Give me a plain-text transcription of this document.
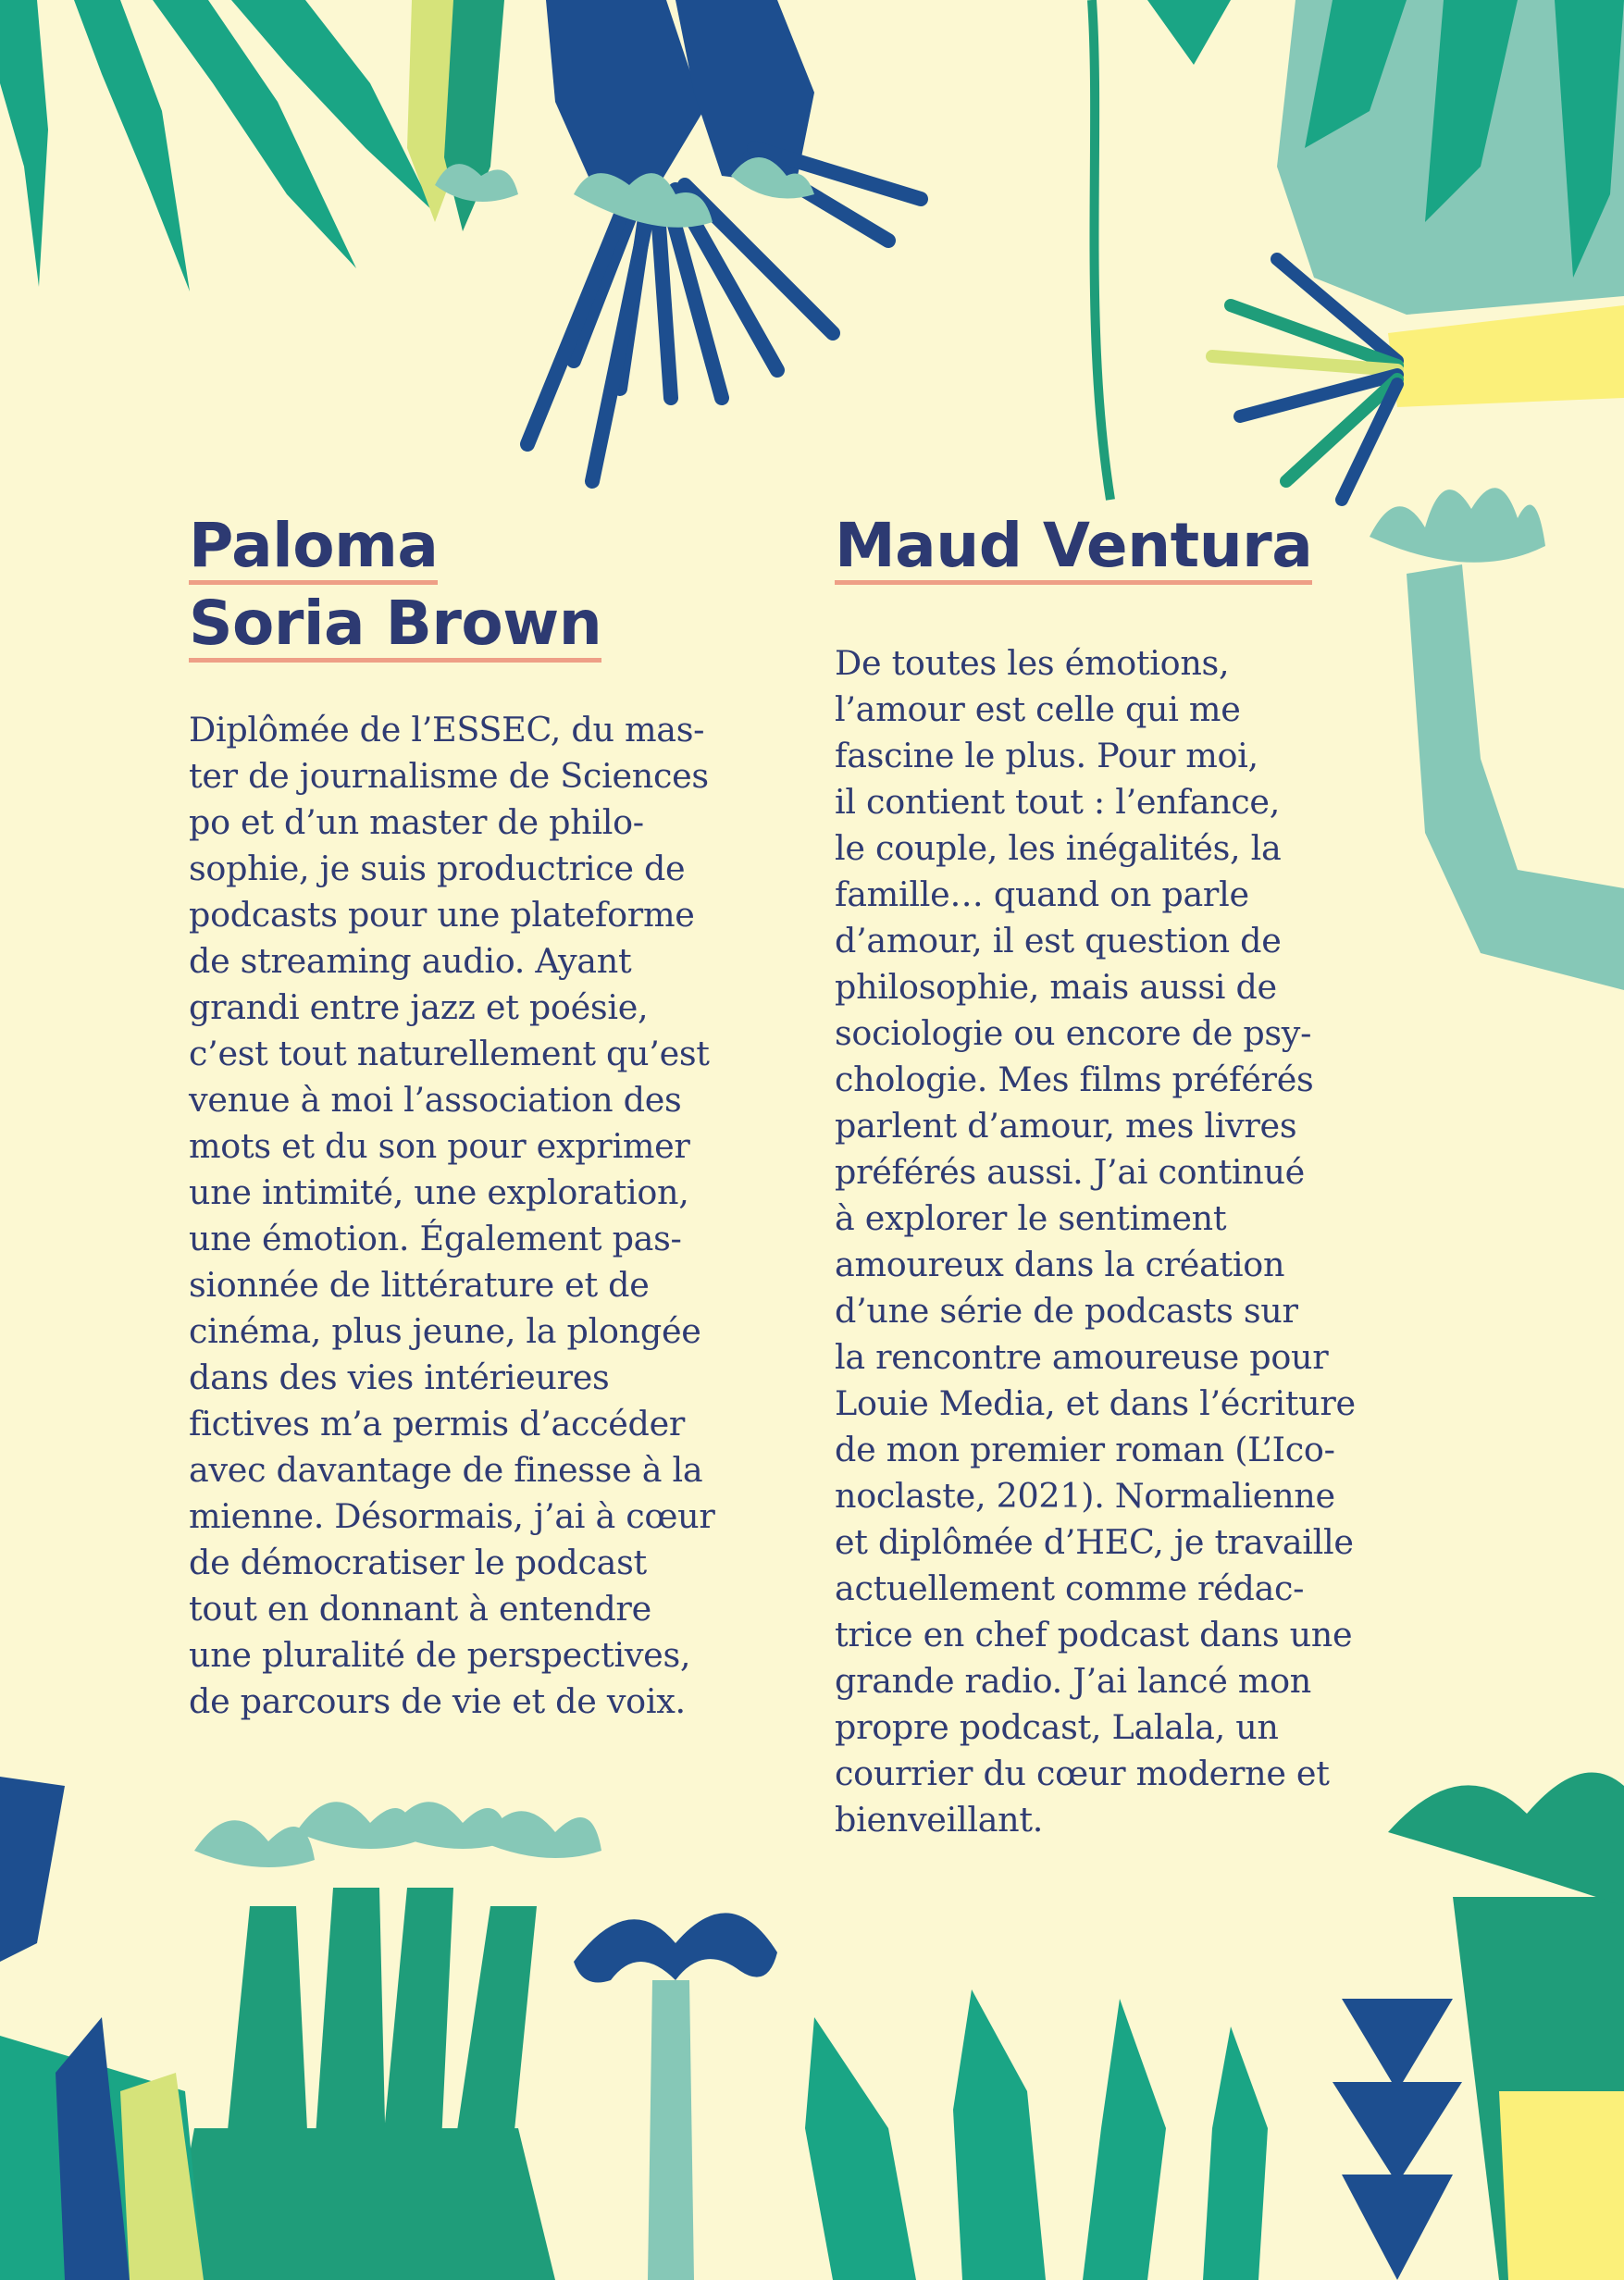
Paloma
Soria Brown

Diplômée de l’ESSEC, du mas-
ter de journalisme de Sciences
po et d’un master de philo-
sophie, je suis productrice de
podcasts pour une plateforme
de streaming audio. Ayant
grandi entre jazz et poésie,
c’est tout naturellement qu’est
venue à moi l’association des
mots et du son pour exprimer
une intimité, une exploration,
une émotion. Également pas-
sionnée de littérature et de
cinéma, plus jeune, la plongée
dans des vies intérieures
fictives m’a permis d’accéder
avec davantage de finesse à la
mienne. Désormais, j’ai à cœur
de démocratiser le podcast
tout en donnant à entendre
une pluralité de perspectives,
de parcours de vie et de voix.

Maud Ventura

De toutes les émotions,
l’amour est celle qui me
fascine le plus. Pour moi,
il contient tout : l’enfance,
le couple, les inégalités, la
famille… quand on parle
d’amour, il est question de
philosophie, mais aussi de
sociologie ou encore de psy-
chologie. Mes films préférés
parlent d’amour, mes livres
préférés aussi. J’ai continué
à explorer le sentiment
amoureux dans la création
d’une série de podcasts sur
la rencontre amoureuse pour
Louie Media, et dans l’écriture
de mon premier roman (L’Ico-
noclaste, 2021). Normalienne
et diplômée d’HEC, je travaille
actuellement comme rédac-
trice en chef podcast dans une
grande radio. J’ai lancé mon
propre podcast, Lalala, un
courrier du cœur moderne et
bienveillant.
